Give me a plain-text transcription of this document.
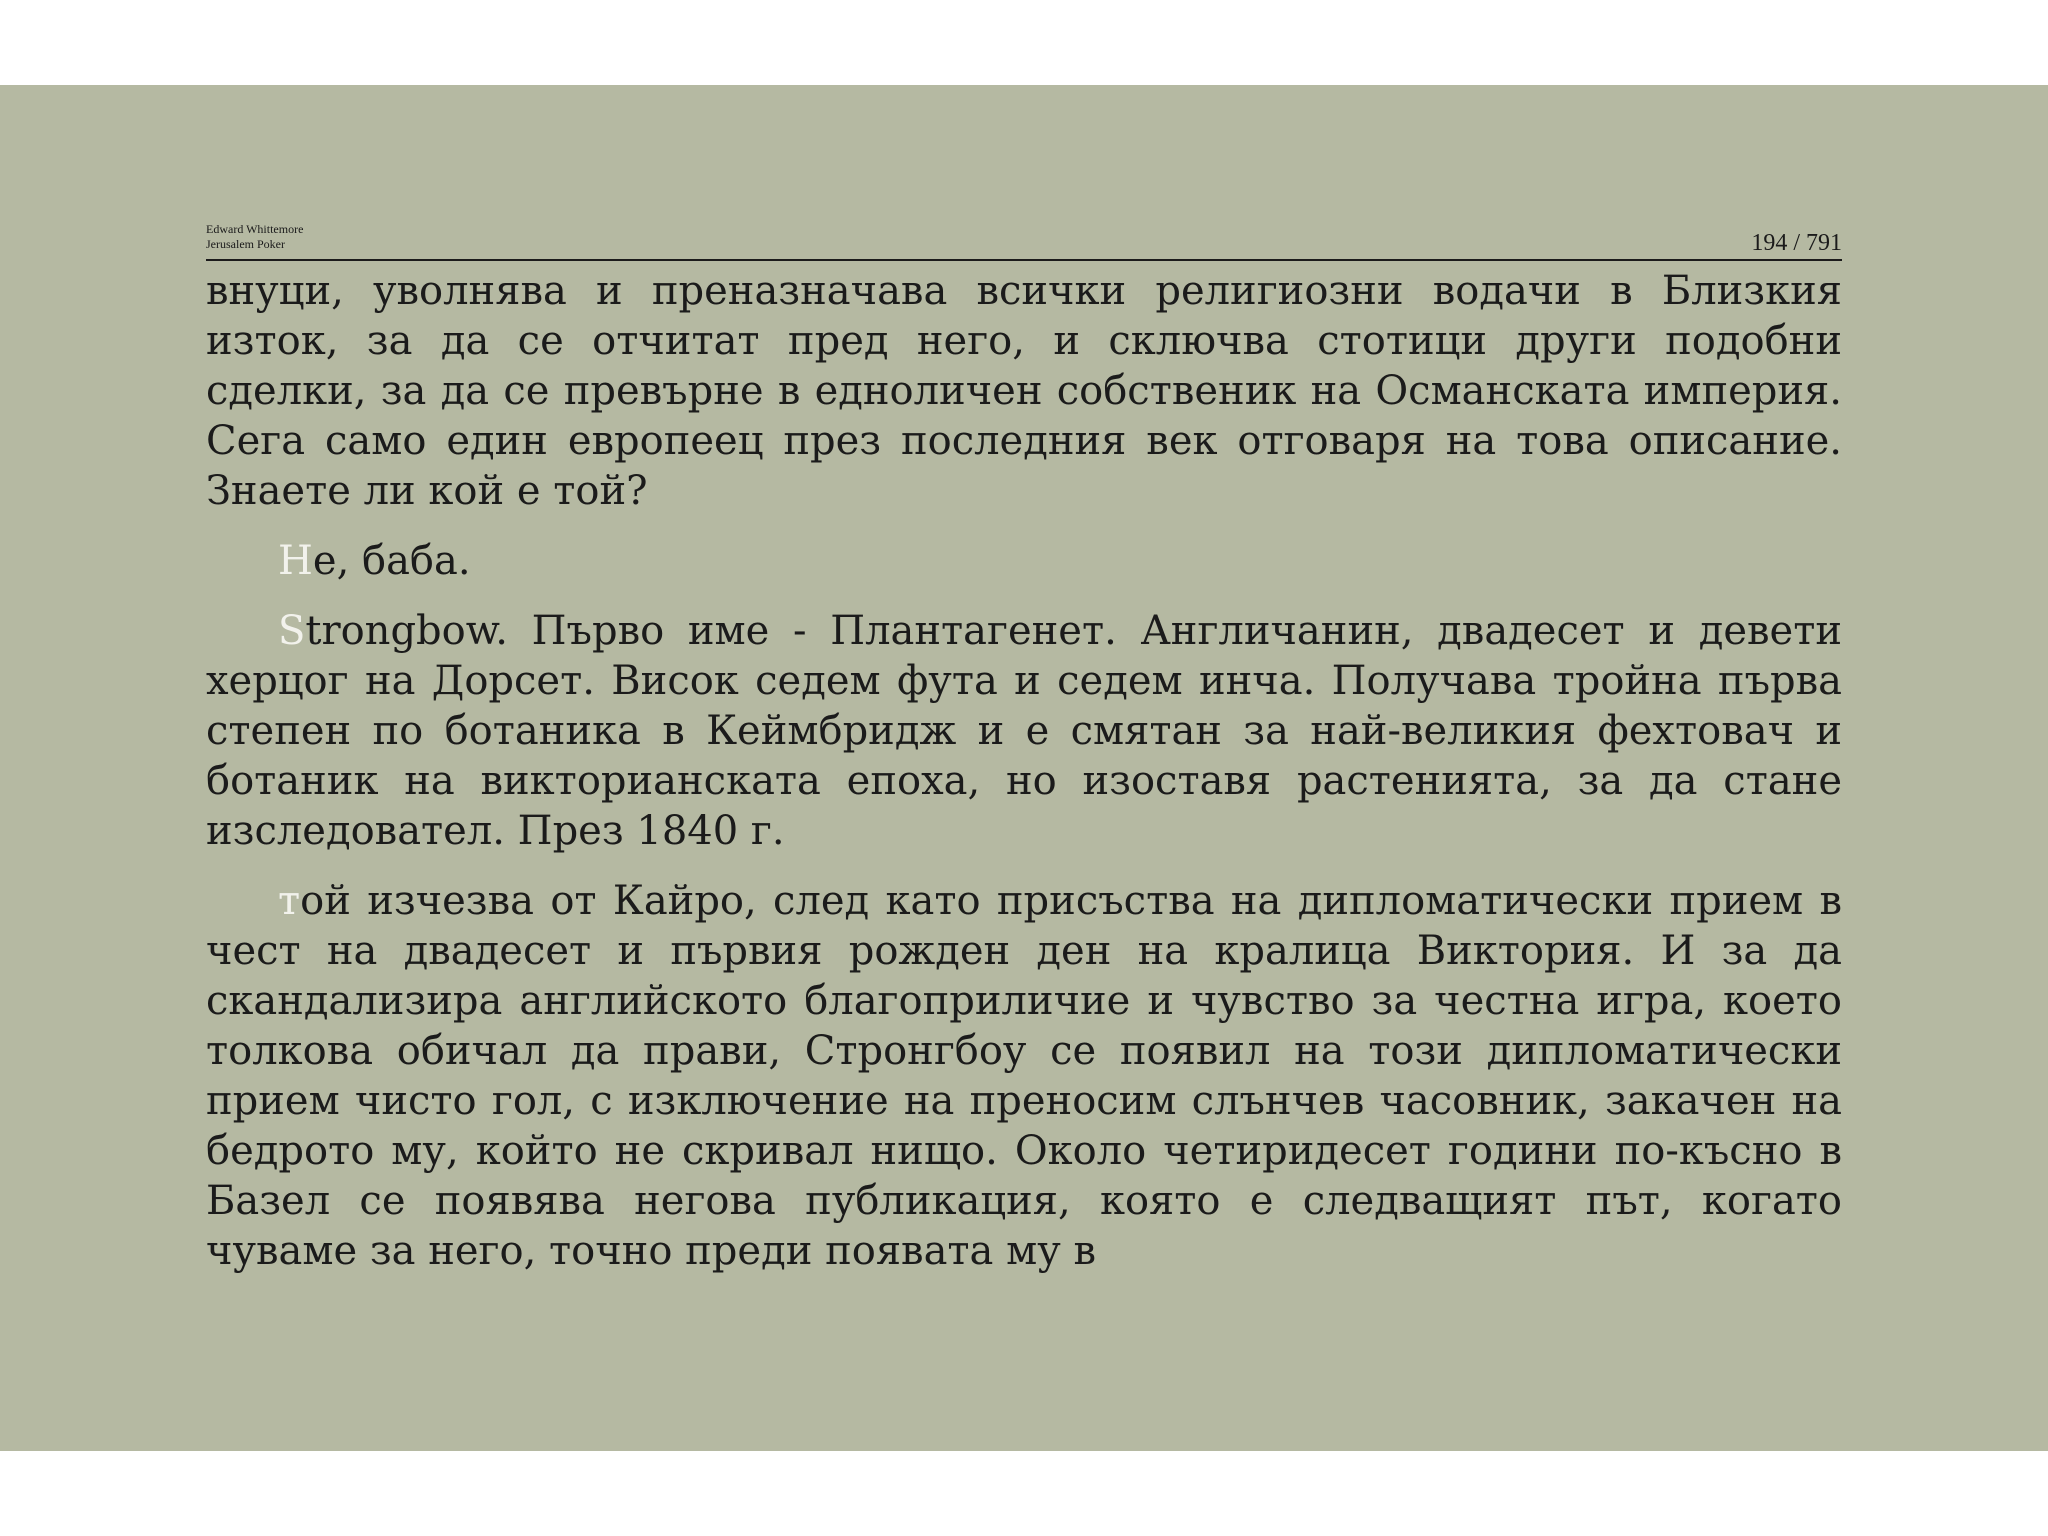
Edward Whittemore
Jerusalem Poker	194 / 791

внуци, уволнява и преназначава всички религиозни водачи в Близкия изток, за да се отчитат пред него, и сключва стотици други подобни сделки, за да се превърне в едноличен собственик на Османската империя. Сега само един европеец през последния век отговаря на това описание. Знаете ли кой е той?

Не, баба.

Strongbow. Първо име - Плантагенет. Англичанин, двадесет и девети херцог на Дорсет. Висок седем фута и седем инча. Получава тройна първа степен по ботаника в Кеймбридж и е смятан за най-великия фехтовач и ботаник на викторианската епоха, но изоставя растенията, за да стане изследовател. През 1840 г.

той изчезва от Кайро, след като присъства на дипломатически прием в чест на двадесет и първия рожден ден на кралица Виктория. И за да скандализира английското благоприличие и чувство за честна игра, което толкова обичал да прави, Стронгбоу се появил на този дипломатически прием чисто гол, с изключение на преносим слънчев часовник, закачен на бедрото му, който не скривал нищо. Около четиридесет години по-късно в Базел се появява негова публикация, която е следващият път, когато чуваме за него, точно преди появата му в
